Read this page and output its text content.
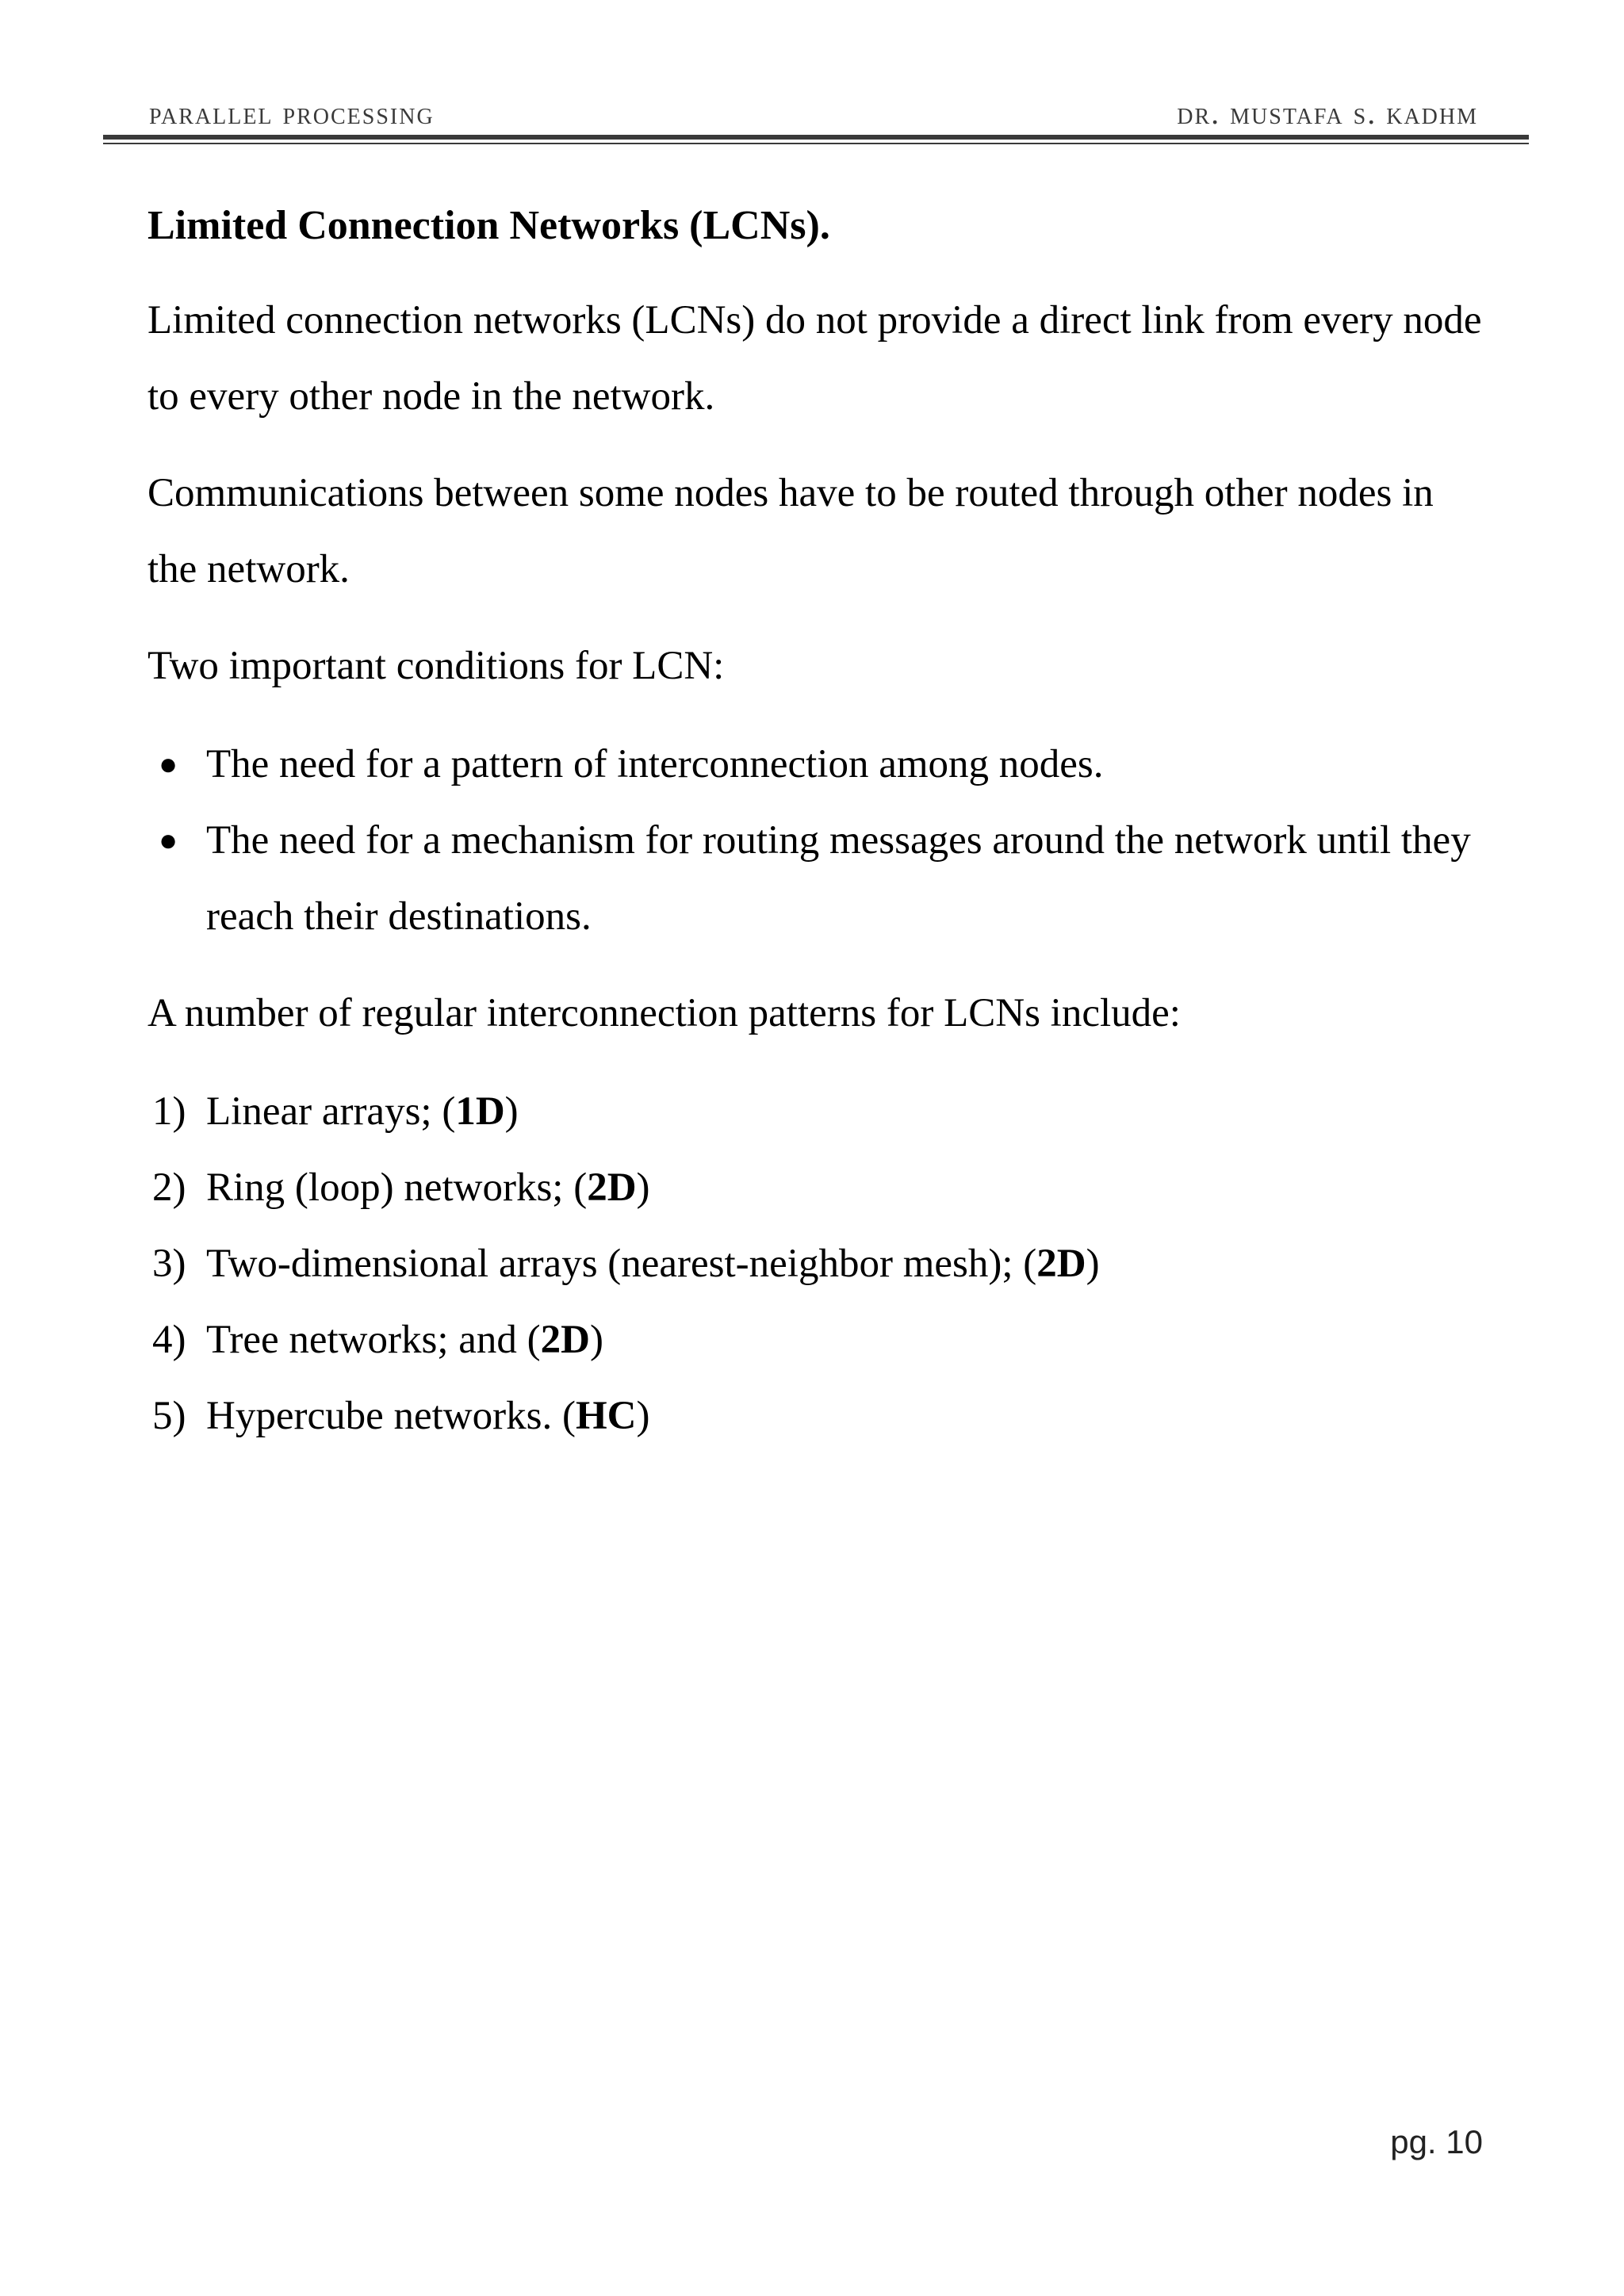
parallel processing	dr. mustafa s. kadhm
Limited Connection Networks (LCNs).

Limited connection networks (LCNs) do not provide a direct link from every node to every other node in the network.

Communications between some nodes have to be routed through other nodes in the network.

Two important conditions for LCN:

● The need for a pattern of interconnection among nodes.
● The need for a mechanism for routing messages around the network until they reach their destinations.

A number of regular interconnection patterns for LCNs include:

1) Linear arrays; (1D)
2) Ring (loop) networks; (2D)
3) Two-dimensional arrays (nearest-neighbor mesh); (2D)
4) Tree networks; and (2D)
5) Hypercube networks. (HC)
pg. 10
